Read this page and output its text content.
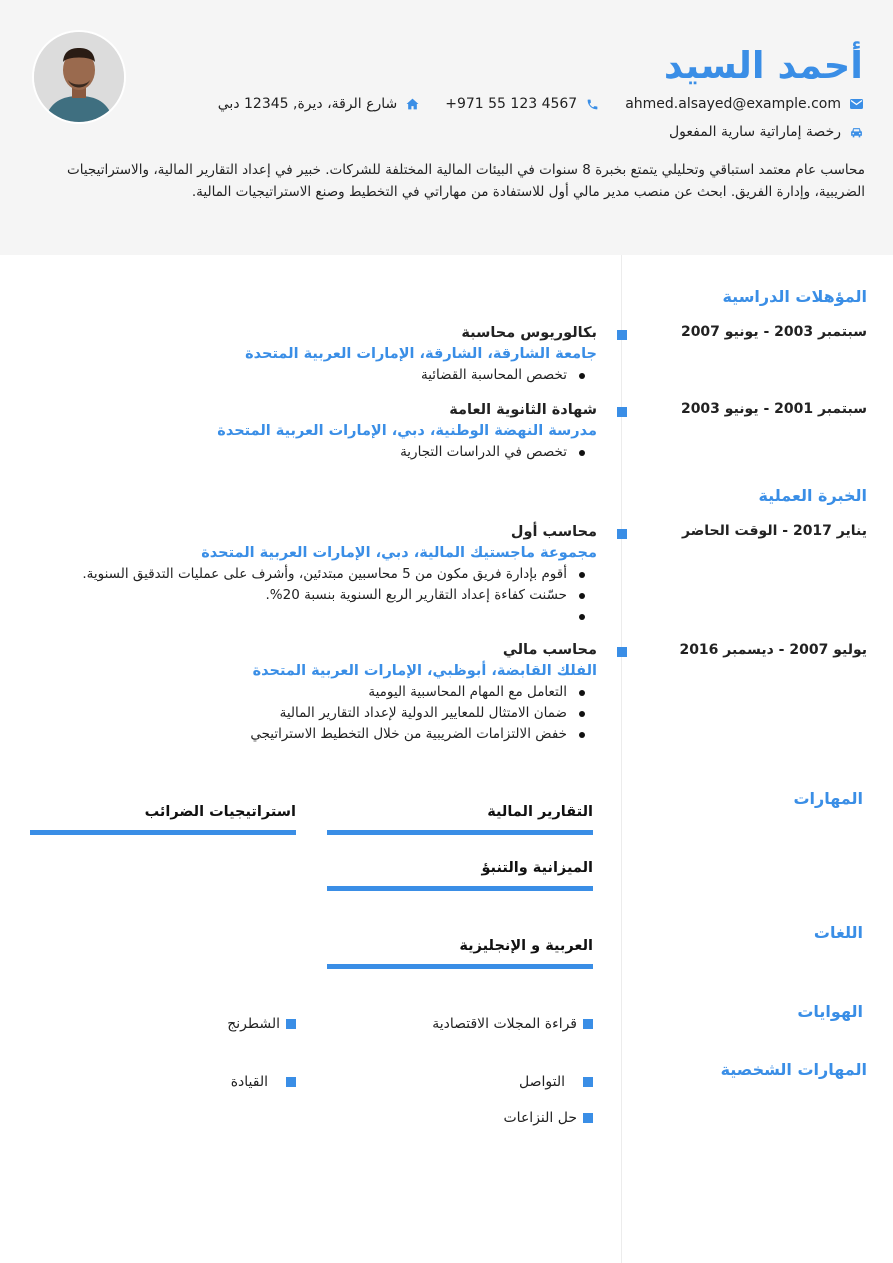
أحمد السيد
ahmed.alsayed@example.com
+971 55 123 4567
شارع الرقة، ديرة, 12345 دبي
رخصة إماراتية سارية المفعول
محاسب عام معتمد استباقي وتحليلي يتمتع بخبرة 8 سنوات في البيئات المالية المختلفة للشركات. خبير في إعداد التقارير المالية، والاستراتيجيات الضريبية، وإدارة الفريق. ابحث عن منصب مدير مالي أول للاستفادة من مهاراتي في التخطيط وصنع الاستراتيجيات المالية.
المؤهلات الدراسية
سبتمبر 2003 - يونيو 2007
بكالوريوس محاسبة
جامعة الشارقة، الشارقة، الإمارات العربية المتحدة
تخصص المحاسبة القضائية
سبتمبر 2001 - يونيو 2003
شهادة الثانوية العامة
مدرسة النهضة الوطنية، دبي، الإمارات العربية المتحدة
تخصص في الدراسات التجارية
الخبرة العملية
يناير 2017 - الوقت الحاضر
محاسب أول
مجموعة ماجستيك المالية، دبي، الإمارات العربية المتحدة
أقوم بإدارة فريق مكون من 5 محاسبين مبتدئين، وأشرف على عمليات التدقيق السنوية.
حسّنت كفاءة إعداد التقارير الربع السنوية بنسبة 20%.
يوليو 2007 - ديسمبر 2016
محاسب مالي
الفلك القابضة، أبوظبي، الإمارات العربية المتحدة
التعامل مع المهام المحاسبية اليومية
ضمان الامتثال للمعايير الدولية لإعداد التقارير المالية
خفض الالتزامات الضريبية من خلال التخطيط الاستراتيجي
المهارات
التقارير المالية
استراتيجيات الضرائب
الميزانية والتنبؤ
اللغات
العربية و الإنجليزية
الهوايات
قراءة المجلات الاقتصادية
الشطرنج
المهارات الشخصية
التواصل
القيادة
حل النزاعات
